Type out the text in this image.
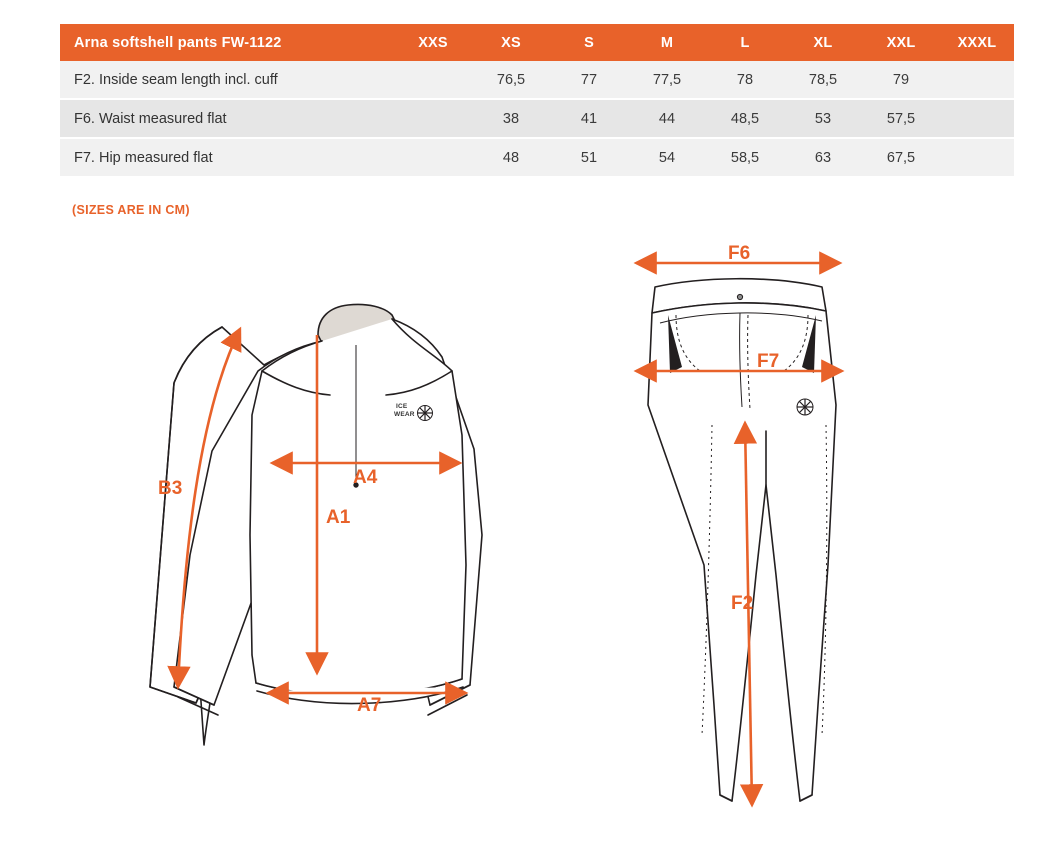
Arna softshell pants FW-1122	XXS	XS	S	M	L	XL	XXL	XXXL
F2. Inside seam length incl. cuff		76,5	77	77,5	78	78,5	79	
F6. Waist measured flat		38	41	44	48,5	53	57,5	
F7. Hip measured flat		48	51	54	58,5	63	67,5	
(SIZES ARE IN CM)
B3
A4
A1
A7
F6
F7
F2
ICE
WEAR
